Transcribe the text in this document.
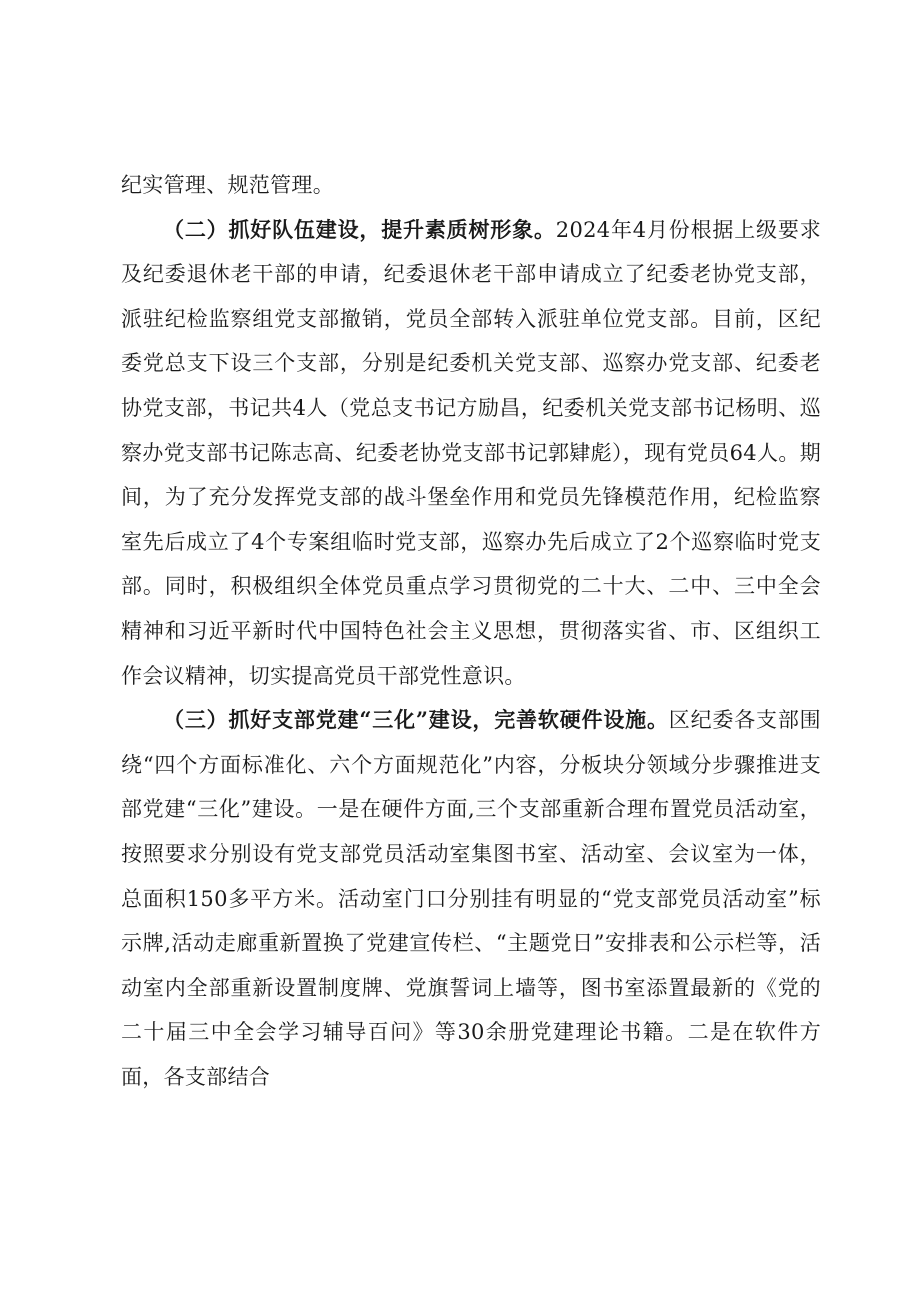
纪实管理、规范管理。

（二）抓好队伍建设，提升素质树形象。2024年4月份根据上级要求及纪委退休老干部的申请，纪委退休老干部申请成立了纪委老协党支部，派驻纪检监察组党支部撤销，党员全部转入派驻单位党支部。目前，区纪委党总支下设三个支部，分别是纪委机关党支部、巡察办党支部、纪委老协党支部，书记共4人（党总支书记方励昌，纪委机关党支部书记杨明、巡察办党支部书记陈志高、纪委老协党支部书记郭肄彪），现有党员64人。期间，为了充分发挥党支部的战斗堡垒作用和党员先锋模范作用，纪检监察室先后成立了4个专案组临时党支部，巡察办先后成立了2个巡察临时党支部。同时，积极组织全体党员重点学习贯彻党的二十大、二中、三中全会精神和习近平新时代中国特色社会主义思想，贯彻落实省、市、区组织工作会议精神，切实提高党员干部党性意识。

（三）抓好支部党建“三化”建设，完善软硬件设施。区纪委各支部围绕“四个方面标准化、六个方面规范化”内容，分板块分领域分步骤推进支部党建“三化”建设。一是在硬件方面,三个支部重新合理布置党员活动室，按照要求分别设有党支部党员活动室集图书室、活动室、会议室为一体，总面积150多平方米。活动室门口分别挂有明显的“党支部党员活动室”标示牌,活动走廊重新置换了党建宣传栏、“主题党日”安排表和公示栏等，活动室内全部重新设置制度牌、党旗誓词上墙等，图书室添置最新的《党的二十届三中全会学习辅导百问》等30余册党建理论书籍。二是在软件方面，各支部结合
